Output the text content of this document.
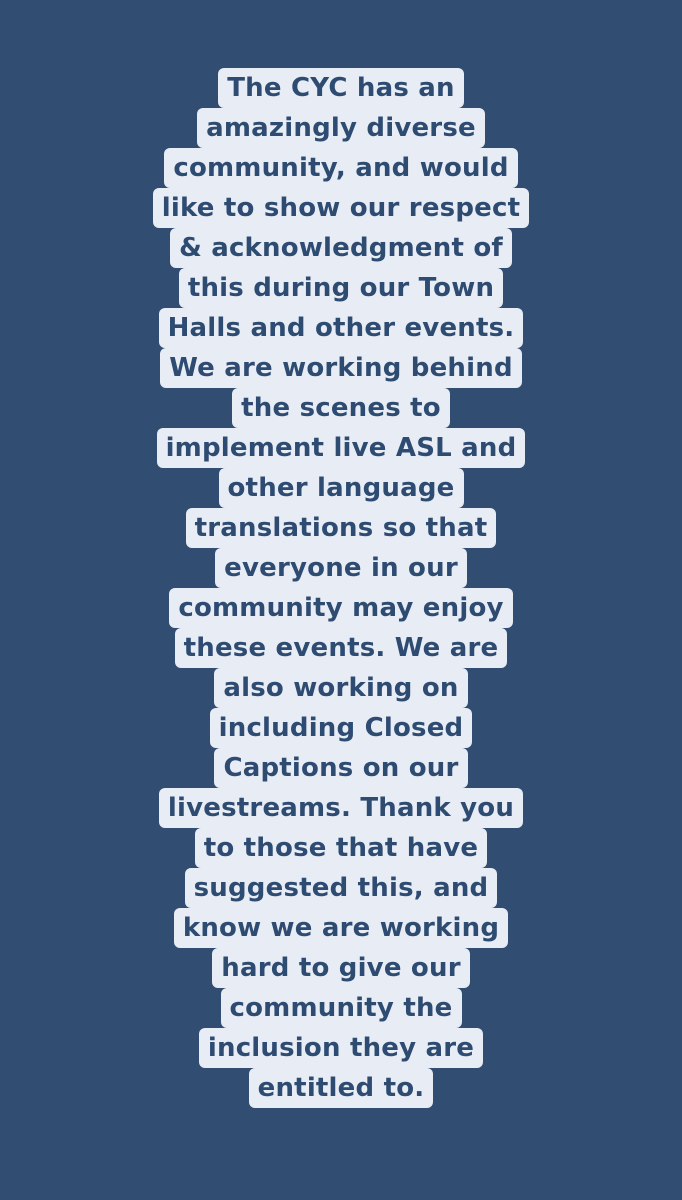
The CYC has an
amazingly diverse
community, and would
like to show our respect
& acknowledgment of
this during our Town
Halls and other events.
We are working behind
the scenes to
implement live ASL and
other language
translations so that
everyone in our
community may enjoy
these events. We are
also working on
including Closed
Captions on our
livestreams. Thank you
to those that have
suggested this, and
know we are working
hard to give our
community the
inclusion they are
entitled to.
